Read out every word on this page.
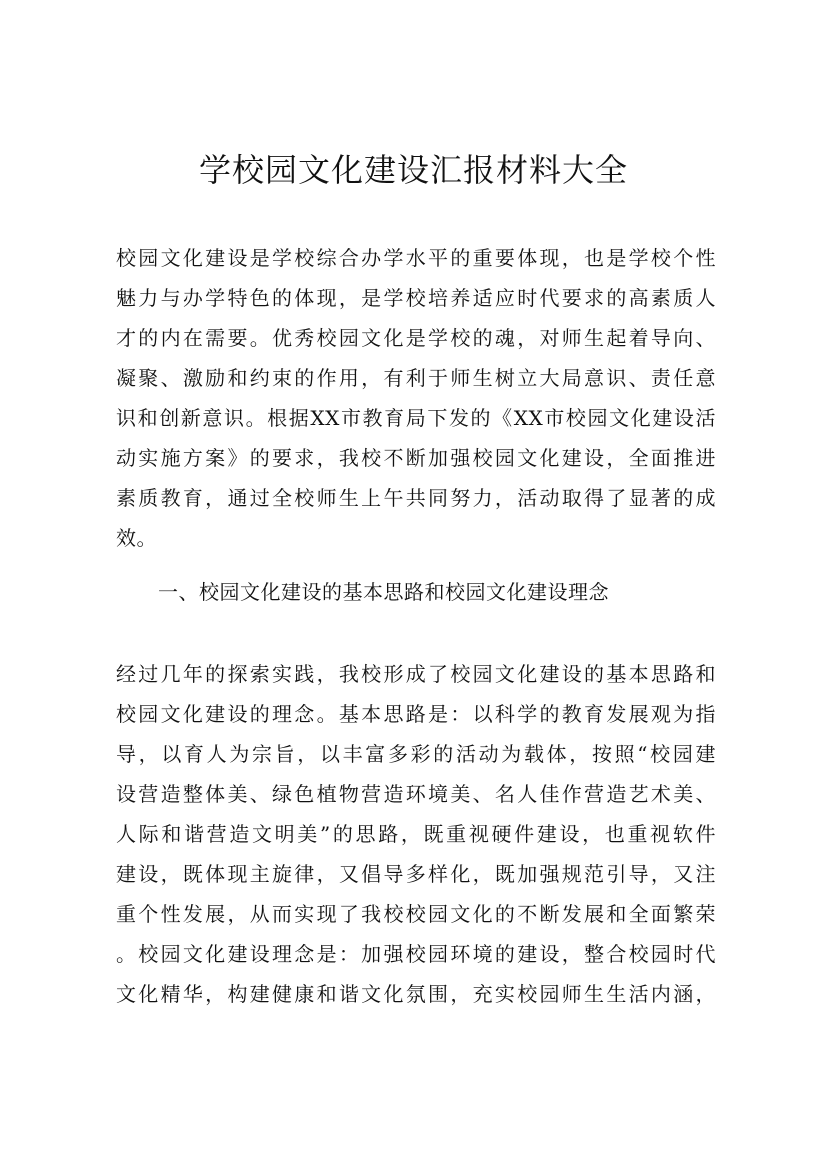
学校园文化建设汇报材料大全

校园文化建设是学校综合办学水平的重要体现，也是学校个性
魅力与办学特色的体现，是学校培养适应时代要求的高素质人
才的内在需要。优秀校园文化是学校的魂，对师生起着导向、
凝聚、激励和约束的作用，有利于师生树立大局意识、责任意
识和创新意识。根据XX市教育局下发的《XX市校园文化建设活
动实施方案》的要求，我校不断加强校园文化建设，全面推进
素质教育，通过全校师生上午共同努力，活动取得了显著的成
效。

一、校园文化建设的基本思路和校园文化建设理念

经过几年的探索实践，我校形成了校园文化建设的基本思路和
校园文化建设的理念。基本思路是：以科学的教育发展观为指
导，以育人为宗旨，以丰富多彩的活动为载体，按照“校园建
设营造整体美、绿色植物营造环境美、名人佳作营造艺术美、
人际和谐营造文明美”的思路，既重视硬件建设，也重视软件
建设，既体现主旋律，又倡导多样化，既加强规范引导，又注
重个性发展，从而实现了我校校园文化的不断发展和全面繁荣
。校园文化建设理念是：加强校园环境的建设，整合校园时代
文化精华，构建健康和谐文化氛围，充实校园师生生活内涵，
